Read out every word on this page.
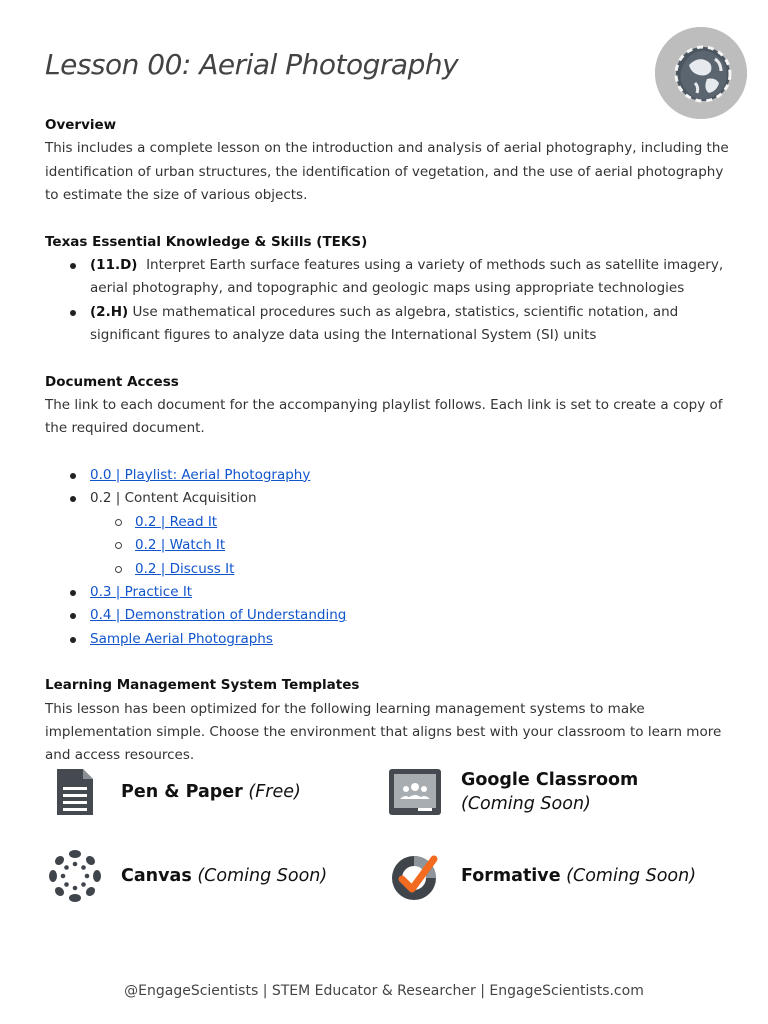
Lesson 00: Aerial Photography
Overview

This includes a complete lesson on the introduction and analysis of aerial photography, including the identification of urban structures, the identification of vegetation, and the use of aerial photography to estimate the size of various objects.

Texas Essential Knowledge & Skills (TEKS)
(11.D) Interpret Earth surface features using a variety of methods such as satellite imagery, aerial photography, and topographic and geologic maps using appropriate technologies
(2.H) Use mathematical procedures such as algebra, statistics, scientific notation, and significant figures to analyze data using the International System (SI) units
Document Access

The link to each document for the accompanying playlist follows. Each link is set to create a copy of the required document.

0.0 | Playlist: Aerial Photography
0.2 | Content Acquisition
0.2 | Read It
0.2 | Watch It
0.2 | Discuss It
0.3 | Practice It
0.4 | Demonstration of Understanding
Sample Aerial Photographs
Learning Management System Templates

This lesson has been optimized for the following learning management systems to make implementation simple. Choose the environment that aligns best with your classroom to learn more and access resources.

Pen & Paper (Free)
Google Classroom
(Coming Soon)
Canvas (Coming Soon)	Formative (Coming Soon)
@EngageScientists | STEM Educator & Researcher | EngageScientists.com
